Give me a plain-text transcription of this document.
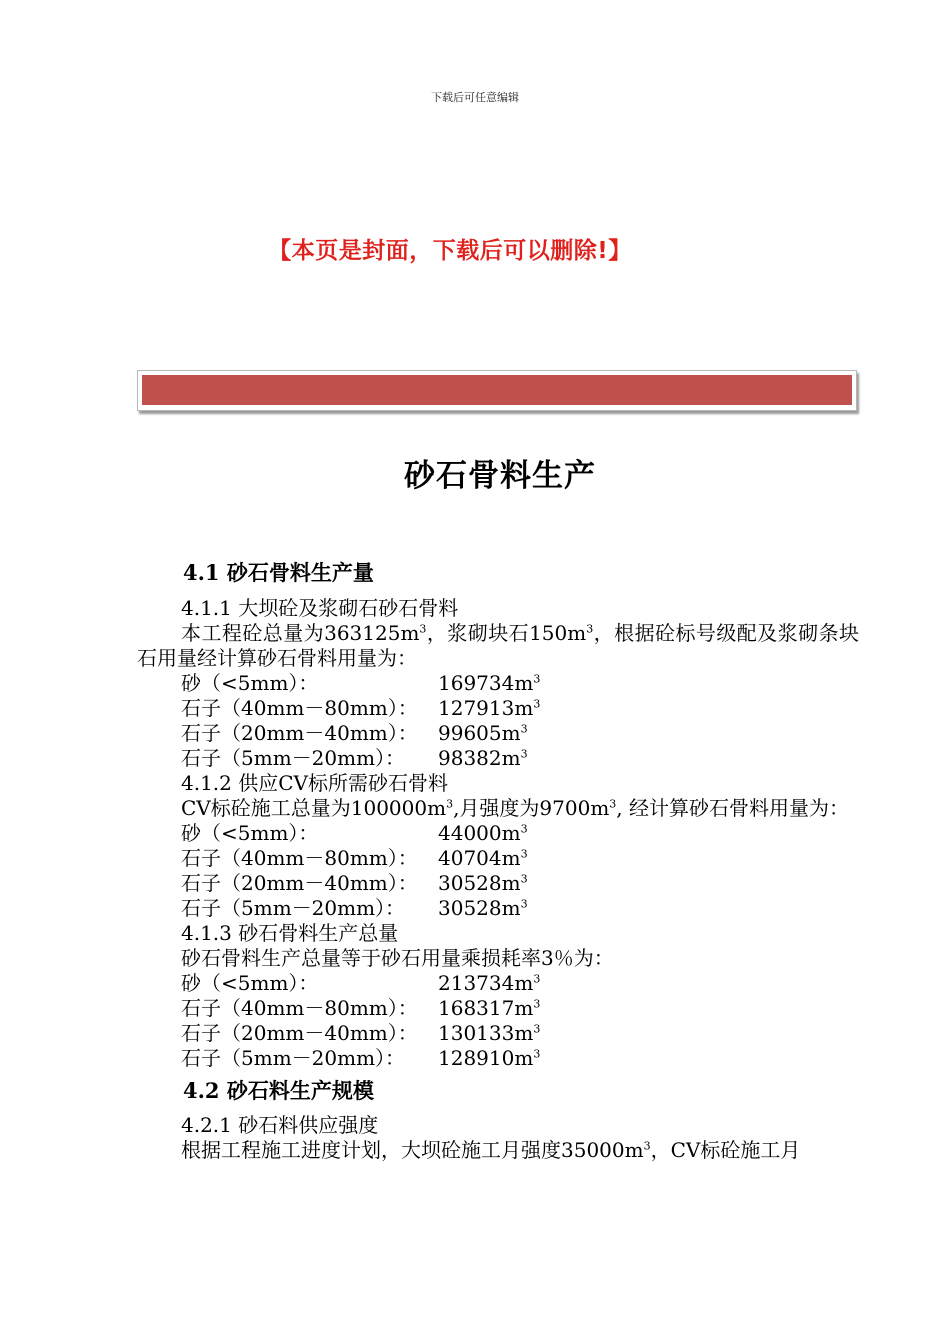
下载后可任意编辑
【本页是封面，下载后可以删除!】
砂石骨料生产
4.1 砂石骨料生产量
4.1.1 大坝砼及浆砌石砂石骨料
本工程砼总量为$363125m^3$，浆砌块石$150m^3$，根据砼标号级配及浆砌条块石用量经计算砂石骨料用量为：
砂（<5mm）：	$169734m^3$
石子（40mm－80mm）：	$127913m^3$
石子（20mm－40mm）：	$99605m^3$
石子（5mm－20mm）：	$98382m^3$
4.1.2 供应CV标所需砂石骨料
CV标砼施工总量为$100000m^3$,月强度为$9700m^3$, 经计算砂石骨料用量为：
砂（<5mm）：	$44000m^3$
石子（40mm－80mm）：	$40704m^3$
石子（20mm－40mm）：	$30528m^3$
石子（5mm－20mm）：	$30528m^3$
4.1.3 砂石骨料生产总量
砂石骨料生产总量等于砂石用量乘损耗率3％为：
砂（<5mm）：	$213734m^3$
石子（40mm－80mm）：	$168317m^3$
石子（20mm－40mm）：	$130133m^3$
石子（5mm－20mm）：	$128910m^3$
4.2 砂石料生产规模
4.2.1 砂石料供应强度
根据工程施工进度计划，大坝砼施工月强度$35000m^3$，CV标砼施工月
